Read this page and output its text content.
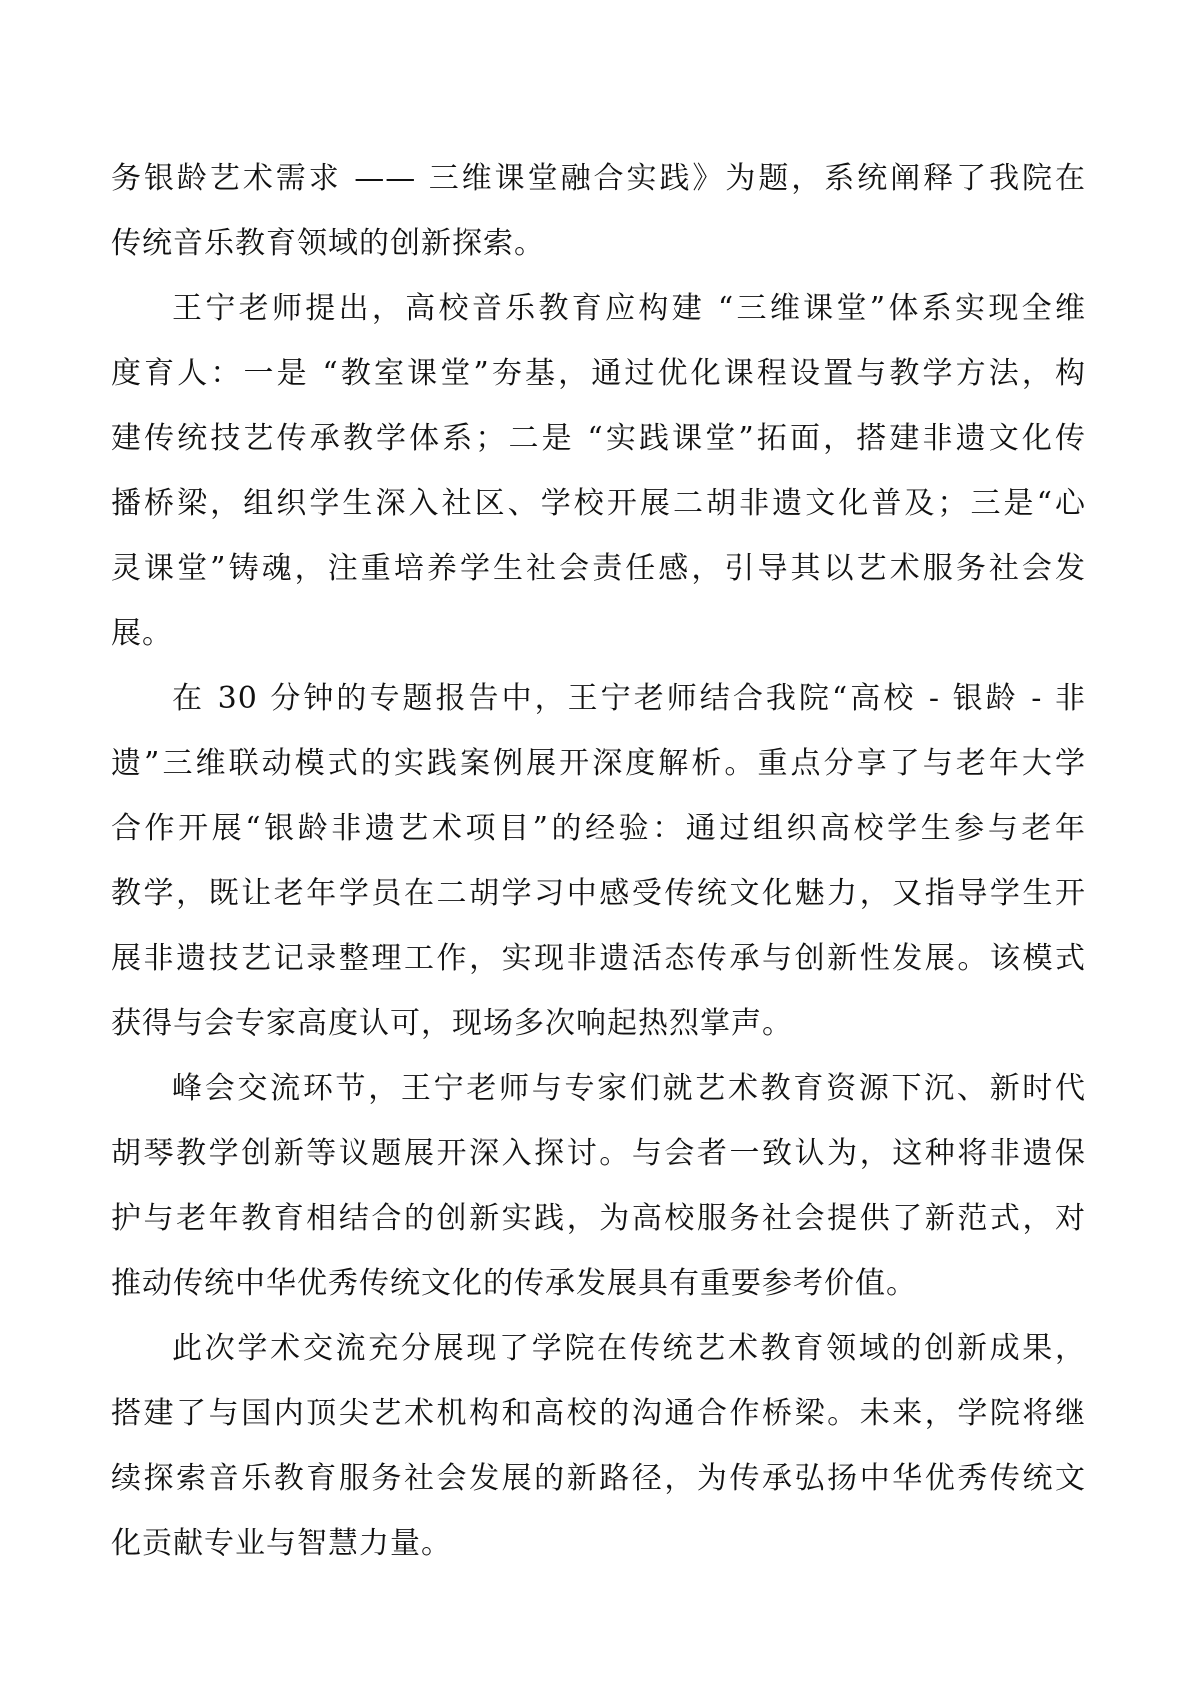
务银龄艺术需求 —— 三维课堂融合实践》为题，系统阐释了我院在
传统音乐教育领域的创新探索。
王宁老师提出，高校音乐教育应构建 “三维课堂”体系实现全维
度育人：一是 “教室课堂”夯基，通过优化课程设置与教学方法，构
建传统技艺传承教学体系；二是 “实践课堂”拓面，搭建非遗文化传
播桥梁，组织学生深入社区、学校开展二胡非遗文化普及；三是“心
灵课堂”铸魂，注重培养学生社会责任感，引导其以艺术服务社会发
展。
在 30 分钟的专题报告中，王宁老师结合我院“高校 - 银龄 - 非
遗”三维联动模式的实践案例展开深度解析。重点分享了与老年大学
合作开展“银龄非遗艺术项目”的经验：通过组织高校学生参与老年
教学，既让老年学员在二胡学习中感受传统文化魅力，又指导学生开
展非遗技艺记录整理工作，实现非遗活态传承与创新性发展。该模式
获得与会专家高度认可，现场多次响起热烈掌声。
峰会交流环节，王宁老师与专家们就艺术教育资源下沉、新时代
胡琴教学创新等议题展开深入探讨。与会者一致认为，这种将非遗保
护与老年教育相结合的创新实践，为高校服务社会提供了新范式，对
推动传统中华优秀传统文化的传承发展具有重要参考价值。
此次学术交流充分展现了学院在传统艺术教育领域的创新成果，
搭建了与国内顶尖艺术机构和高校的沟通合作桥梁。未来，学院将继
续探索音乐教育服务社会发展的新路径，为传承弘扬中华优秀传统文
化贡献专业与智慧力量。
